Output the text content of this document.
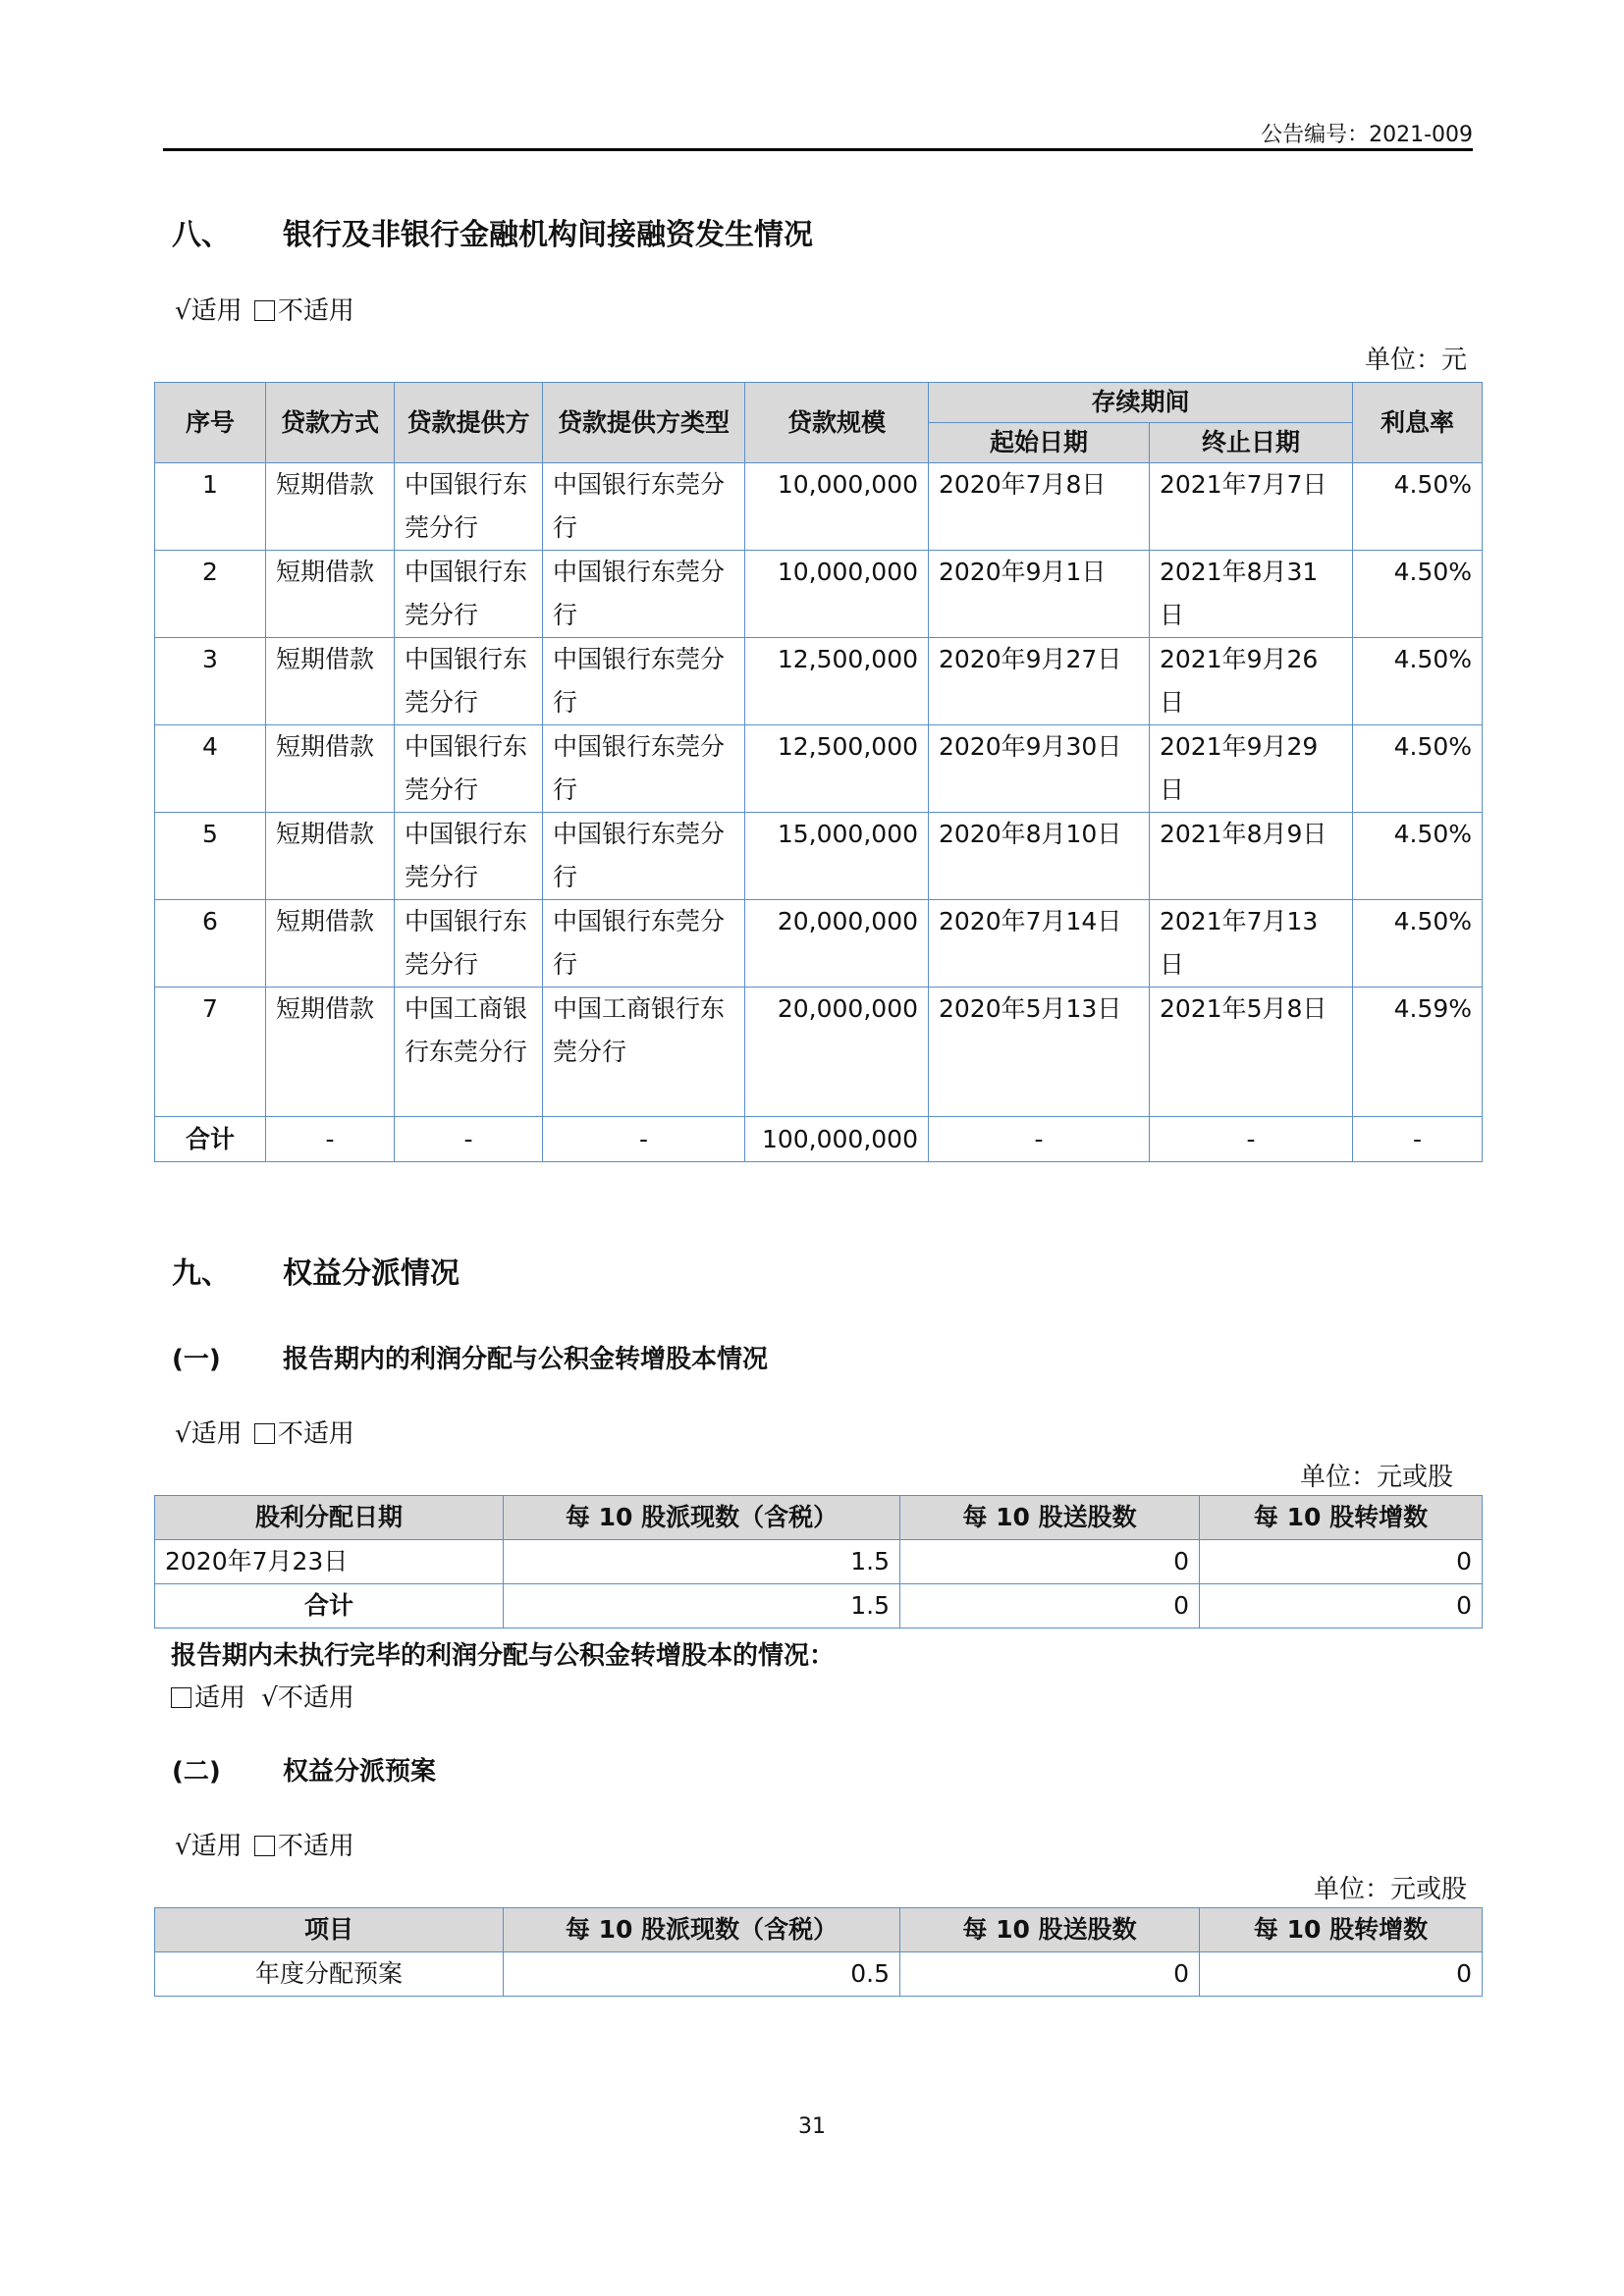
公告编号：2021-009
八、 银行及非银行金融机构间接融资发生情况
√适用 不适用
单位：元
序号	贷款方式	贷款提供方	贷款提供方类型	贷款规模	存续期间		利息率
					起始日期	终止日期	
1	短期借款	中国银行东莞分行	中国银行东莞分行	10,000,000	2020年7月8日	2021年7月7日	4.50%
2	短期借款	中国银行东莞分行	中国银行东莞分行	10,000,000	2020年9月1日	2021年8月31日	4.50%
3	短期借款	中国银行东莞分行	中国银行东莞分行	12,500,000	2020年9月27日	2021年9月26日	4.50%
4	短期借款	中国银行东莞分行	中国银行东莞分行	12,500,000	2020年9月30日	2021年9月29日	4.50%
5	短期借款	中国银行东莞分行	中国银行东莞分行	15,000,000	2020年8月10日	2021年8月9日	4.50%
6	短期借款	中国银行东莞分行	中国银行东莞分行	20,000,000	2020年7月14日	2021年7月13日	4.50%
7	短期借款	中国工商银行东莞分行	中国工商银行东莞分行	20,000,000	2020年5月13日	2021年5月8日	4.59%
合计	-	-	-	100,000,000	-	-	-
九、 权益分派情况
(一) 报告期内的利润分配与公积金转增股本情况
√适用 不适用
单位：元或股
股利分配日期	每 10 股派现数（含税）	每 10 股送股数	每 10 股转增数
2020年7月23日	1.5	0	0
合计	1.5	0	0
报告期内未执行完毕的利润分配与公积金转增股本的情况：
适用 √不适用
(二) 权益分派预案
√适用 不适用
单位：元或股
项目	每 10 股派现数（含税）	每 10 股送股数	每 10 股转增数
年度分配预案	0.5	0	0
31
